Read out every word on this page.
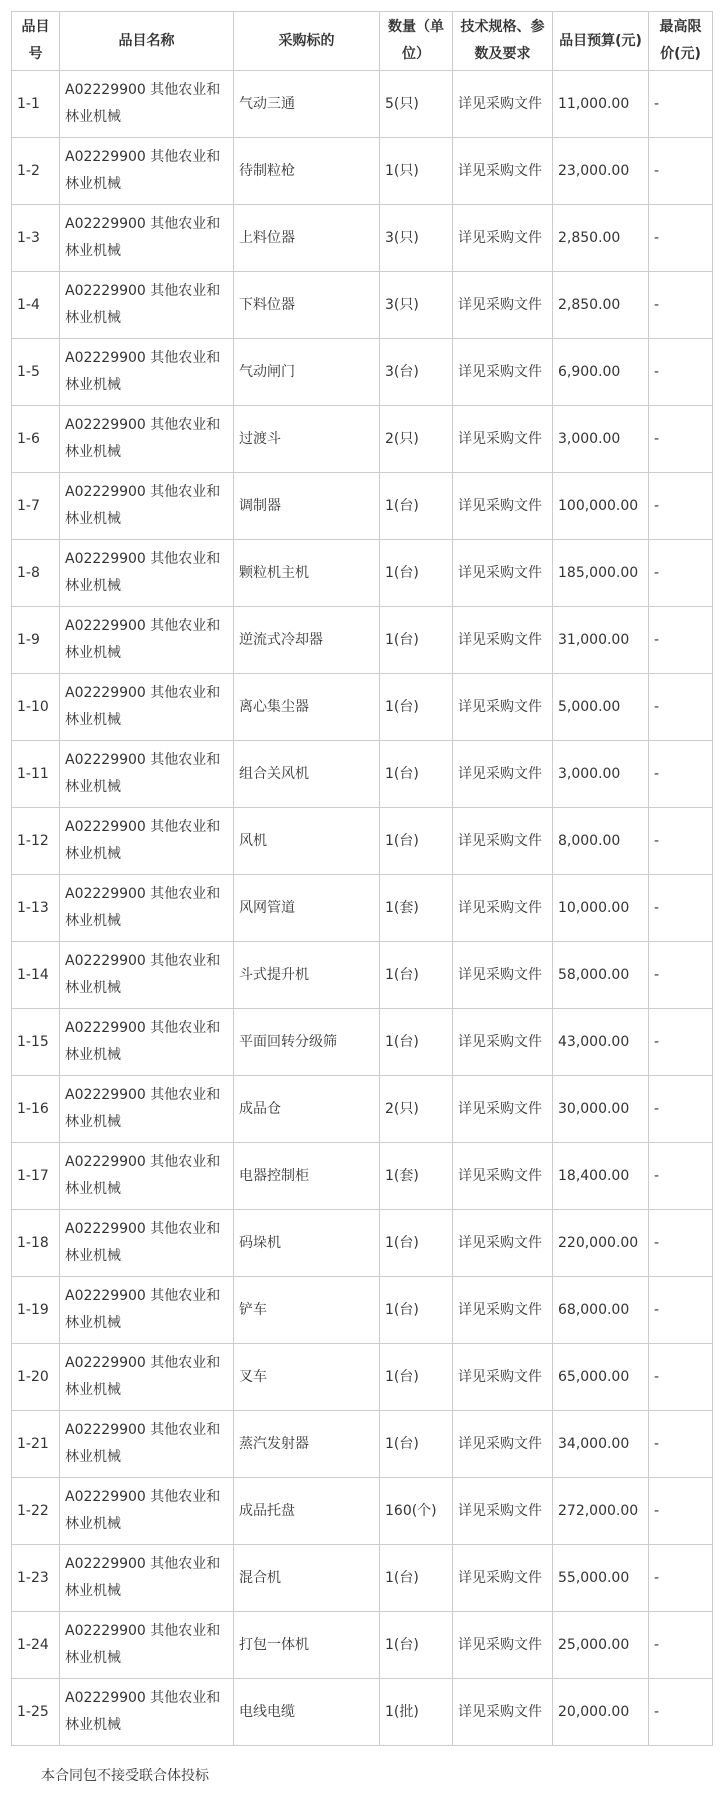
品目号	品目名称	采购标的	数量（单位）	技术规格、参数及要求	品目预算(元)	最高限价(元)
1-1	A02229900 其他农业和林业机械	气动三通	5(只)	详见采购文件	11,000.00	-
1-2	A02229900 其他农业和林业机械	待制粒枪	1(只)	详见采购文件	23,000.00	-
1-3	A02229900 其他农业和林业机械	上料位器	3(只)	详见采购文件	2,850.00	-
1-4	A02229900 其他农业和林业机械	下料位器	3(只)	详见采购文件	2,850.00	-
1-5	A02229900 其他农业和林业机械	气动闸门	3(台)	详见采购文件	6,900.00	-
1-6	A02229900 其他农业和林业机械	过渡斗	2(只)	详见采购文件	3,000.00	-
1-7	A02229900 其他农业和林业机械	调制器	1(台)	详见采购文件	100,000.00	-
1-8	A02229900 其他农业和林业机械	颗粒机主机	1(台)	详见采购文件	185,000.00	-
1-9	A02229900 其他农业和林业机械	逆流式冷却器	1(台)	详见采购文件	31,000.00	-
1-10	A02229900 其他农业和林业机械	离心集尘器	1(台)	详见采购文件	5,000.00	-
1-11	A02229900 其他农业和林业机械	组合关风机	1(台)	详见采购文件	3,000.00	-
1-12	A02229900 其他农业和林业机械	风机	1(台)	详见采购文件	8,000.00	-
1-13	A02229900 其他农业和林业机械	风网管道	1(套)	详见采购文件	10,000.00	-
1-14	A02229900 其他农业和林业机械	斗式提升机	1(台)	详见采购文件	58,000.00	-
1-15	A02229900 其他农业和林业机械	平面回转分级筛	1(台)	详见采购文件	43,000.00	-
1-16	A02229900 其他农业和林业机械	成品仓	2(只)	详见采购文件	30,000.00	-
1-17	A02229900 其他农业和林业机械	电器控制柜	1(套)	详见采购文件	18,400.00	-
1-18	A02229900 其他农业和林业机械	码垛机	1(台)	详见采购文件	220,000.00	-
1-19	A02229900 其他农业和林业机械	铲车	1(台)	详见采购文件	68,000.00	-
1-20	A02229900 其他农业和林业机械	叉车	1(台)	详见采购文件	65,000.00	-
1-21	A02229900 其他农业和林业机械	蒸汽发射器	1(台)	详见采购文件	34,000.00	-
1-22	A02229900 其他农业和林业机械	成品托盘	160(个)	详见采购文件	272,000.00	-
1-23	A02229900 其他农业和林业机械	混合机	1(台)	详见采购文件	55,000.00	-
1-24	A02229900 其他农业和林业机械	打包一体机	1(台)	详见采购文件	25,000.00	-
1-25	A02229900 其他农业和林业机械	电线电缆	1(批)	详见采购文件	20,000.00	-
本合同包不接受联合体投标
